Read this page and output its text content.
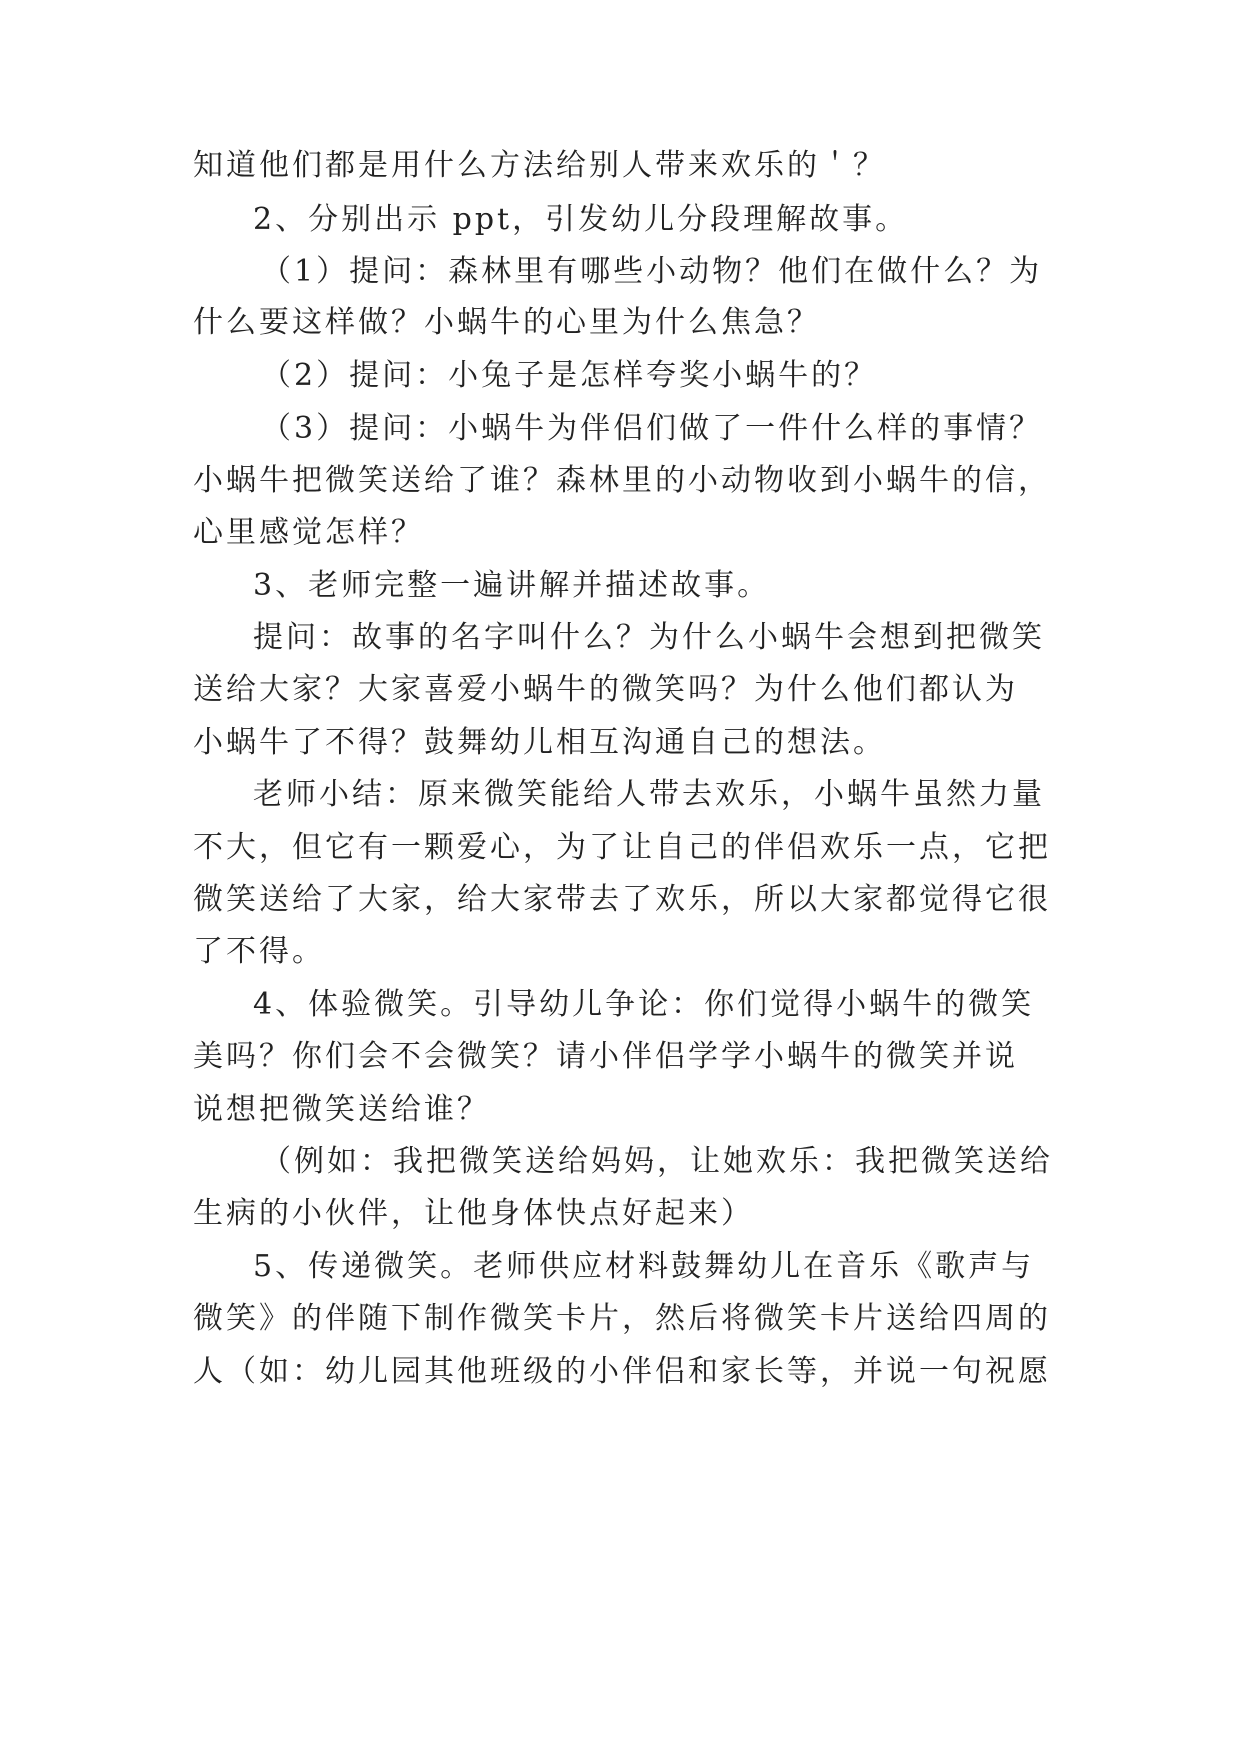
知道他们都是用什么方法给别人带来欢乐的＇？

2、分别出示 ppt，引发幼儿分段理解故事。

（1）提问：森林里有哪些小动物？他们在做什么？为

什么要这样做？小蜗牛的心里为什么焦急？

（2）提问：小兔子是怎样夸奖小蜗牛的？

（3）提问：小蜗牛为伴侣们做了一件什么样的事情？

小蜗牛把微笑送给了谁？森林里的小动物收到小蜗牛的信，

心里感觉怎样？

3、老师完整一遍讲解并描述故事。

提问：故事的名字叫什么？为什么小蜗牛会想到把微笑

送给大家？大家喜爱小蜗牛的微笑吗？为什么他们都认为

小蜗牛了不得？鼓舞幼儿相互沟通自己的想法。

老师小结：原来微笑能给人带去欢乐，小蜗牛虽然力量

不大，但它有一颗爱心，为了让自己的伴侣欢乐一点，它把

微笑送给了大家，给大家带去了欢乐，所以大家都觉得它很

了不得。

4、体验微笑。引导幼儿争论：你们觉得小蜗牛的微笑

美吗？你们会不会微笑？请小伴侣学学小蜗牛的微笑并说

说想把微笑送给谁？

（例如：我把微笑送给妈妈，让她欢乐：我把微笑送给

生病的小伙伴，让他身体快点好起来）

5、传递微笑。老师供应材料鼓舞幼儿在音乐《歌声与

微笑》的伴随下制作微笑卡片，然后将微笑卡片送给四周的

人（如：幼儿园其他班级的小伴侣和家长等，并说一句祝愿
